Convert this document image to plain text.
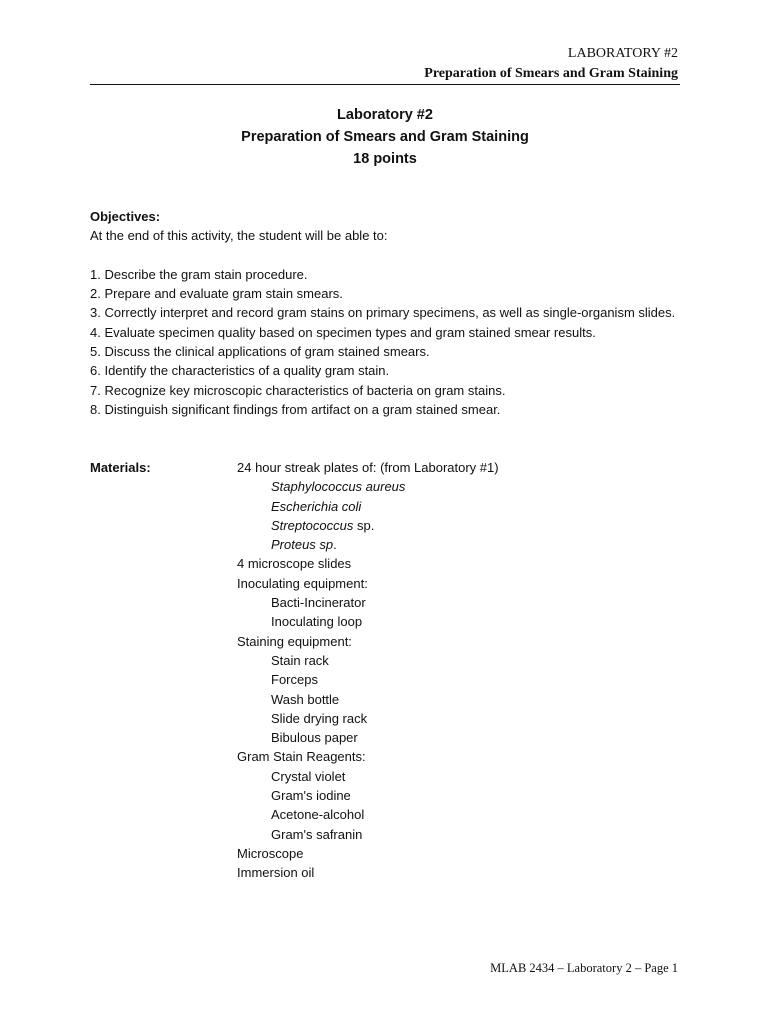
LABORATORY #2
Preparation of Smears and Gram Staining
Laboratory #2
Preparation of Smears and Gram Staining
18 points
Objectives:
At the end of this activity, the student will be able to:
1. Describe the gram stain procedure.
2. Prepare and evaluate gram stain smears.
3. Correctly interpret and record gram stains on primary specimens, as well as single-organism slides.
4. Evaluate specimen quality based on specimen types and gram stained smear results.
5. Discuss the clinical applications of gram stained smears.
6. Identify the characteristics of a quality gram stain.
7. Recognize key microscopic characteristics of bacteria on gram stains.
8. Distinguish significant findings from artifact on a gram stained smear.
Materials:	24 hour streak plates of: (from Laboratory #1)
Staphylococcus aureus
Escherichia coli
Streptococcus sp.
Proteus sp.
4 microscope slides
Inoculating equipment:
Bacti-Incinerator
Inoculating loop
Staining equipment:
Stain rack
Forceps
Wash bottle
Slide drying rack
Bibulous paper
Gram Stain Reagents:
Crystal violet
Gram's iodine
Acetone-alcohol
Gram's safranin
Microscope
Immersion oil
MLAB 2434 – Laboratory 2 – Page 1
